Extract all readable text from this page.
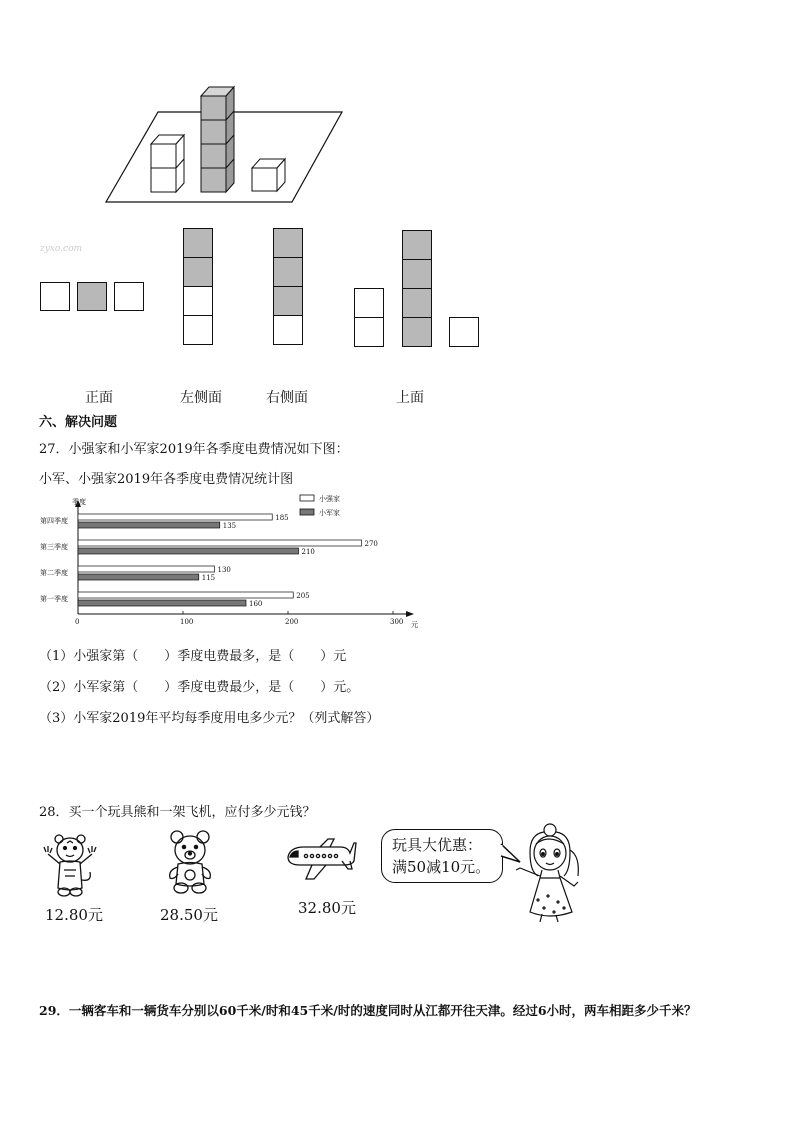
zyxo.com
正面	左侧面	右侧面	上面
六、解决问题
27．小强家和小军家2019年各季度电费情况如下图：
小军、小强家2019年各季度电费情况统计图
季度
元
小强家
小军家
第一季度	205
160
第二季度	130
115
第三季度	270
210
第四季度	185
135
0	100	200	300
（1）小强家第（　　）季度电费最多，是（　　）元
（2）小军家第（　　）季度电费最少，是（　　）元。
（3）小军家2019年平均每季度用电多少元？（列式解答）
28．买一个玩具熊和一架飞机，应付多少元钱？
12.80元	28.50元	32.80元
玩具大优惠：
满50减10元。
29．一辆客车和一辆货车分别以60千米/时和45千米/时的速度同时从江都开往天津。经过6小时，两车相距多少千米？
